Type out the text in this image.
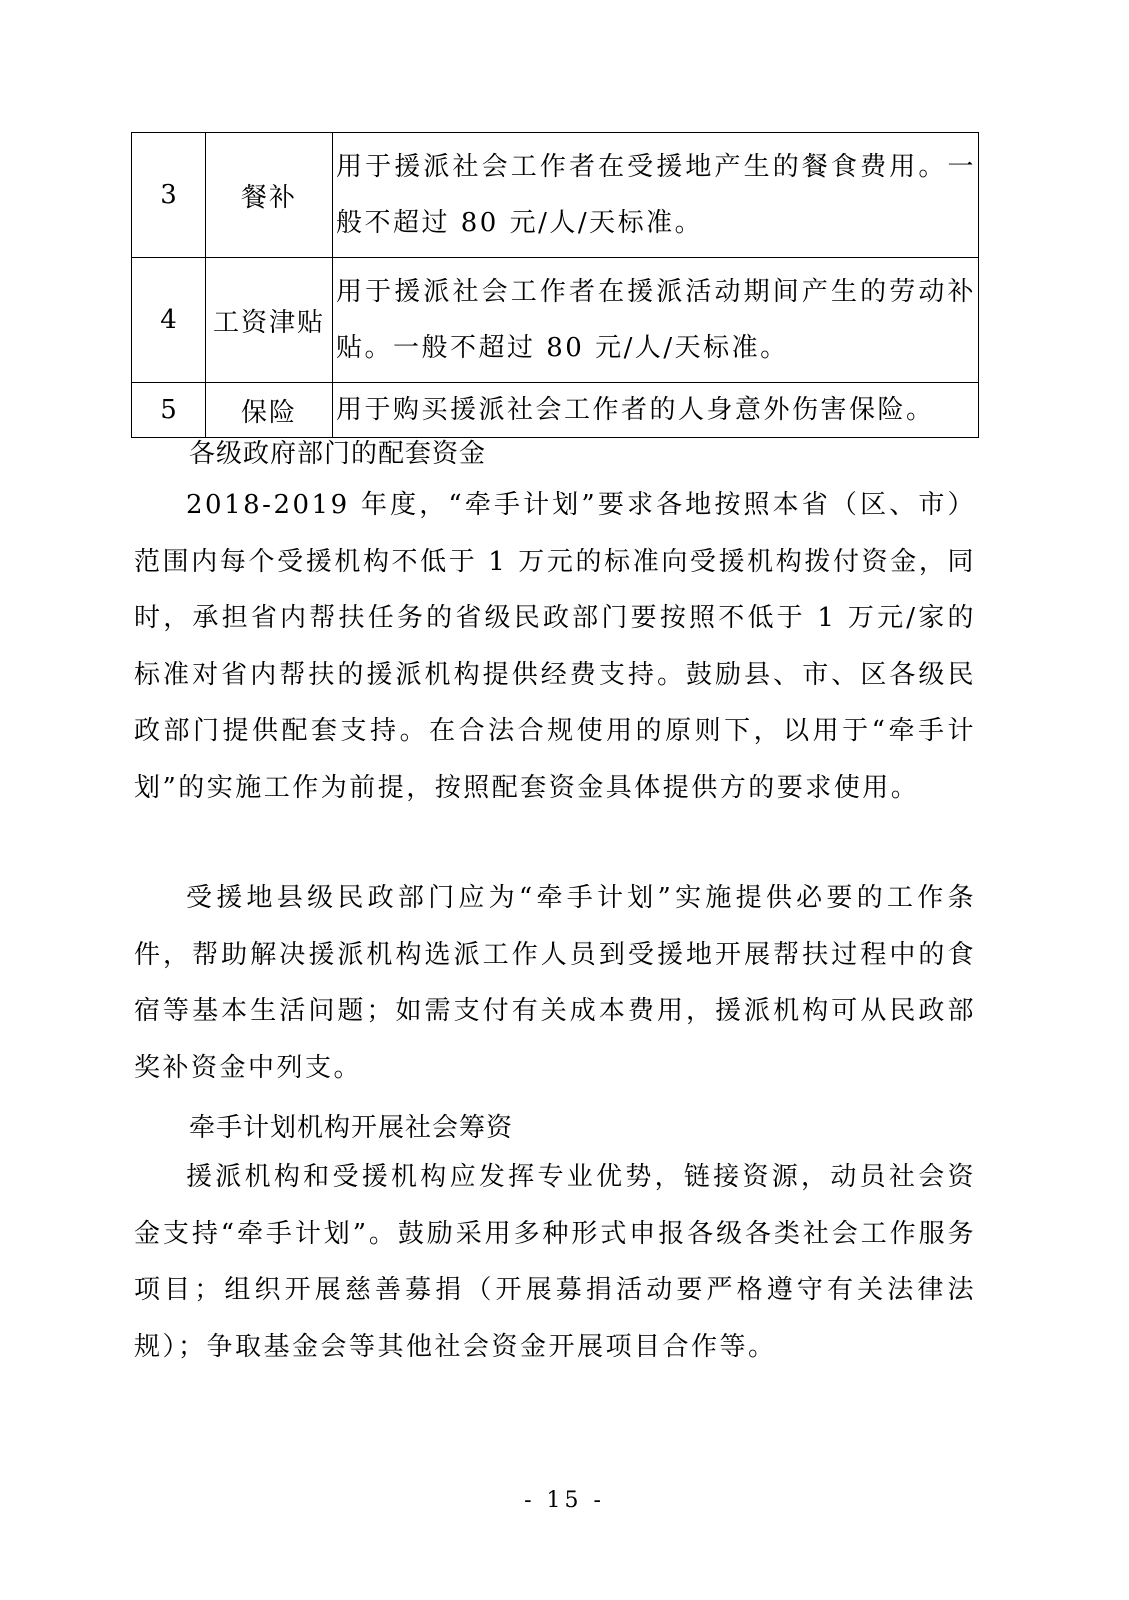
3	餐补	用于援派社会工作者在受援地产生的餐食费用。一般不超过 80 元/人/天标准。
4	工资津贴	用于援派社会工作者在援派活动期间产生的劳动补贴。一般不超过 80 元/人/天标准。
5	保险	用于购买援派社会工作者的人身意外伤害保险。
各级政府部门的配套资金

2018-2019 年度，“牵手计划”要求各地按照本省（区、市）范围内每个受援机构不低于 1 万元的标准向受援机构拨付资金，同时，承担省内帮扶任务的省级民政部门要按照不低于 1 万元/家的标准对省内帮扶的援派机构提供经费支持。鼓励县、市、区各级民政部门提供配套支持。在合法合规使用的原则下，以用于“牵手计划”的实施工作为前提，按照配套资金具体提供方的要求使用。

受援地县级民政部门应为“牵手计划”实施提供必要的工作条件，帮助解决援派机构选派工作人员到受援地开展帮扶过程中的食宿等基本生活问题；如需支付有关成本费用，援派机构可从民政部奖补资金中列支。

牵手计划机构开展社会筹资

援派机构和受援机构应发挥专业优势，链接资源，动员社会资金支持“牵手计划”。鼓励采用多种形式申报各级各类社会工作服务项目；组织开展慈善募捐（开展募捐活动要严格遵守有关法律法规）；争取基金会等其他社会资金开展项目合作等。

- 15 -
